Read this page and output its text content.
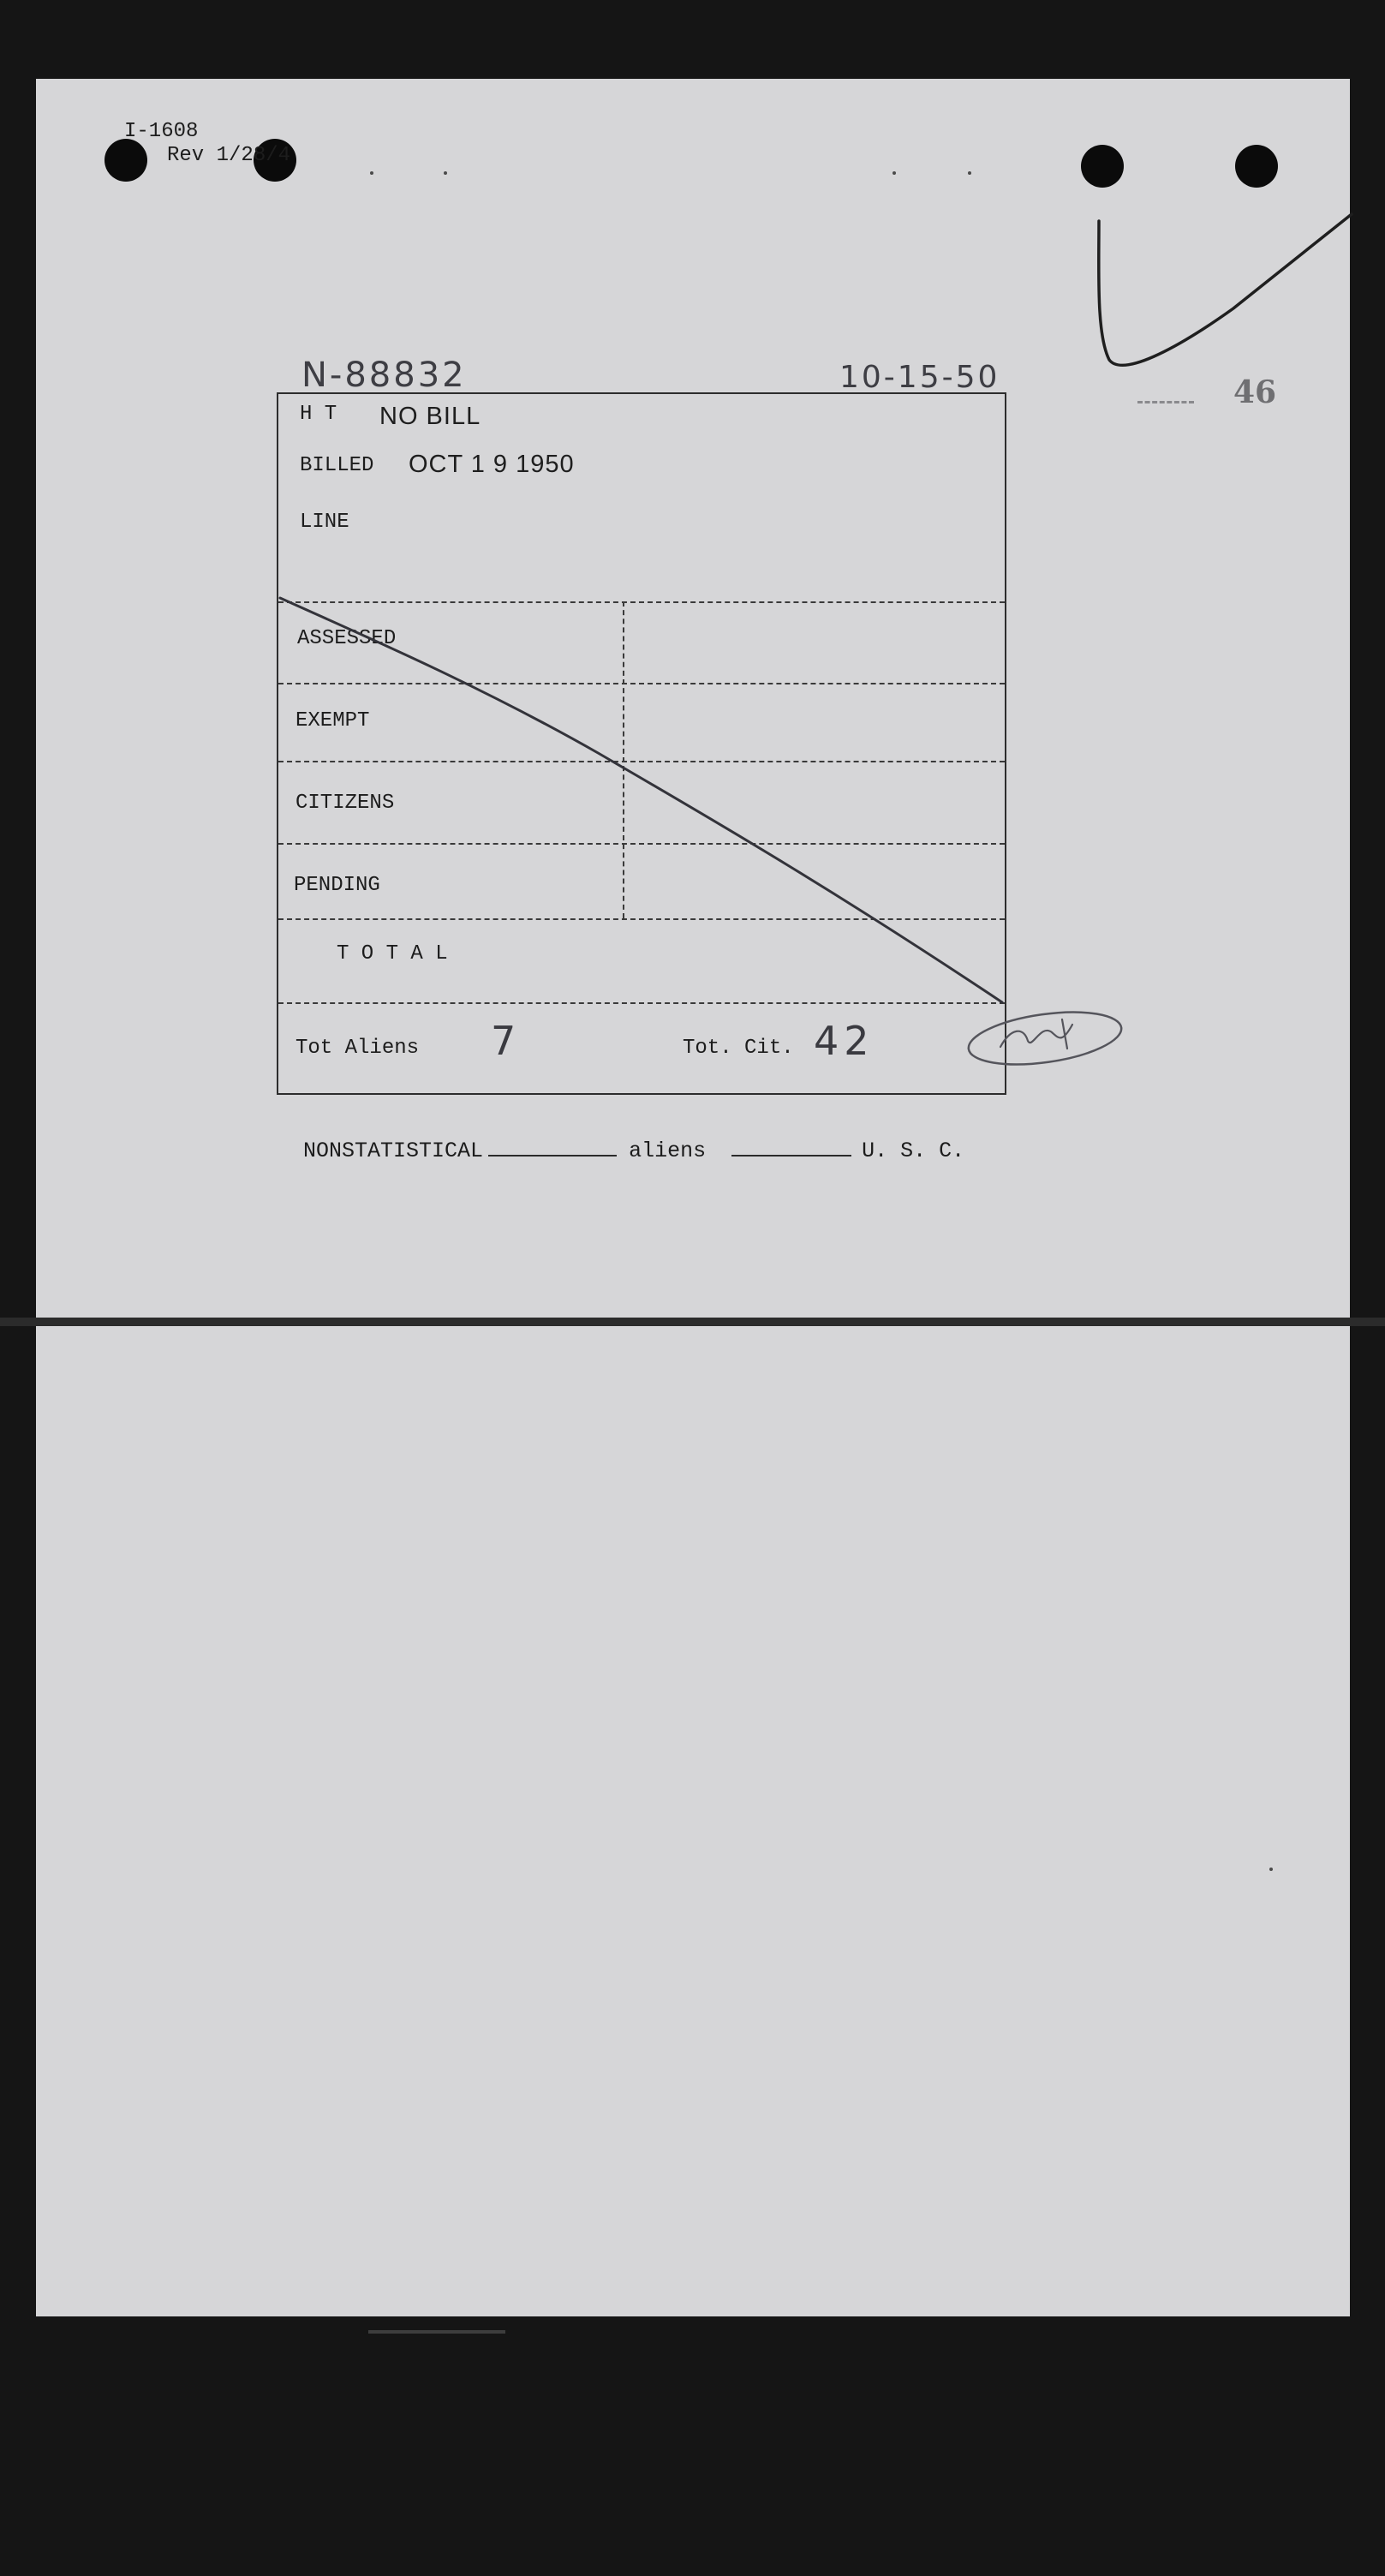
I-1608
Rev 1/28/4
N-88832	10-15-50	46
H T NO BILL
BILLED OCT 1 9 1950
LINE
ASSESSED
EXEMPT
CITIZENS
PENDING
T O T A L
Tot Aliens 7	Tot. Cit. 42

NONSTATISTICAL	aliens	U. S. C.
